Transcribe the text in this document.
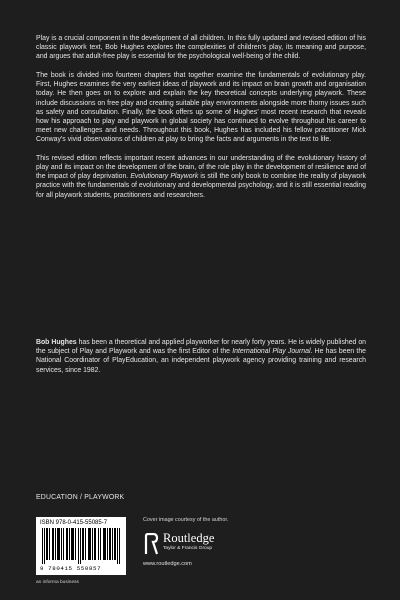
Play is a crucial component in the development of all children. In this fully updated and revised edition of his classic playwork text, Bob Hughes explores the complexities of children’s play, its meaning and purpose, and argues that adult-free play is essential for the psychological well-being of the child.

The book is divided into fourteen chapters that together examine the fundamentals of evolutionary play. First, Hughes examines the very earliest ideas of playwork and its impact on brain growth and organisation today. He then goes on to explore and explain the key theoretical concepts underlying playwork. These include discussions on free play and creating suitable play environments alongside more thorny issues such as safety and consultation. Finally, the book offers up some of Hughes’ most recent research that reveals how his approach to play and playwork in global society has continued to evolve throughout his career to meet new challenges and needs. Throughout this book, Hughes has included his fellow practitioner Mick Conway’s vivid observations of children at play to bring the facts and arguments in the text to life.

This revised edition reflects important recent advances in our understanding of the evolutionary history of play and its impact on the development of the brain, of the role play in the development of resilience and of the impact of play deprivation. Evolutionary Playwork is still the only book to combine the reality of playwork practice with the fundamentals of evolutionary and developmental psychology, and it is still essential reading for all playwork students, practitioners and researchers.

Bob Hughes has been a theoretical and applied playworker for nearly forty years. He is widely published on the subject of Play and Playwork and was the first Editor of the International Play Journal. He has been the National Coordinator of PlayEducation, an independent playwork agency providing training and research services, since 1982.

EDUCATION / PLAYWORK
ISBN 978-0-415-55085-7
9 780415 550857
an informa business
Cover image courtesy of the author.
Routledge
Taylor & Francis Group
www.routledge.com
